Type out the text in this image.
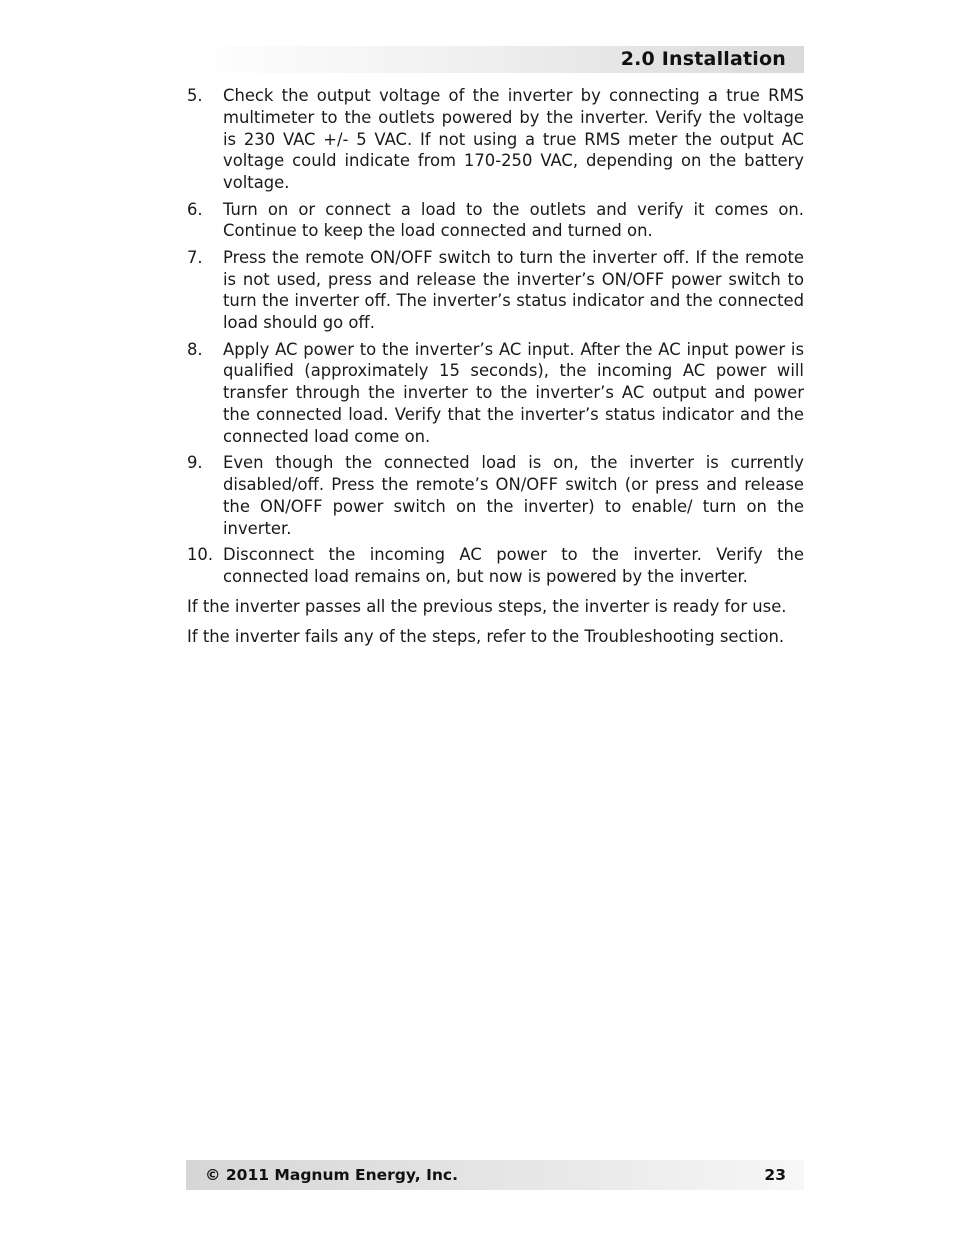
2.0 Installation
5.	Check the output voltage of the inverter by connecting a true RMS multimeter to the outlets powered by the inverter. Verify the voltage is 230 VAC +/- 5 VAC. If not using a true RMS meter the output AC voltage could indicate from 170-250 VAC, depending on the battery voltage.
6.	Turn on or connect a load to the outlets and verify it comes on. Continue to keep the load connected and turned on.
7.	Press the remote ON/OFF switch to turn the inverter off. If the remote is not used, press and release the inverter’s ON/OFF power switch to turn the inverter off. The inverter’s status indicator and the connected load should go off.
8.	Apply AC power to the inverter’s AC input. After the AC input power is qualified (approximately 15 seconds), the incoming AC power will transfer through the inverter to the inverter’s AC output and power the connected load. Verify that the inverter’s status indicator and the connected load come on.
9.	Even though the connected load is on, the inverter is currently disabled/off. Press the remote’s ON/OFF switch (or press and release the ON/OFF power switch on the inverter) to enable/ turn on the inverter.
10. Disconnect the incoming AC power to the inverter. Verify the connected load remains on, but now is powered by the inverter.

If the inverter passes all the previous steps, the inverter is ready for use.

If the inverter fails any of the steps, refer to the Troubleshooting section.

© 2011 Magnum Energy, Inc.	23
